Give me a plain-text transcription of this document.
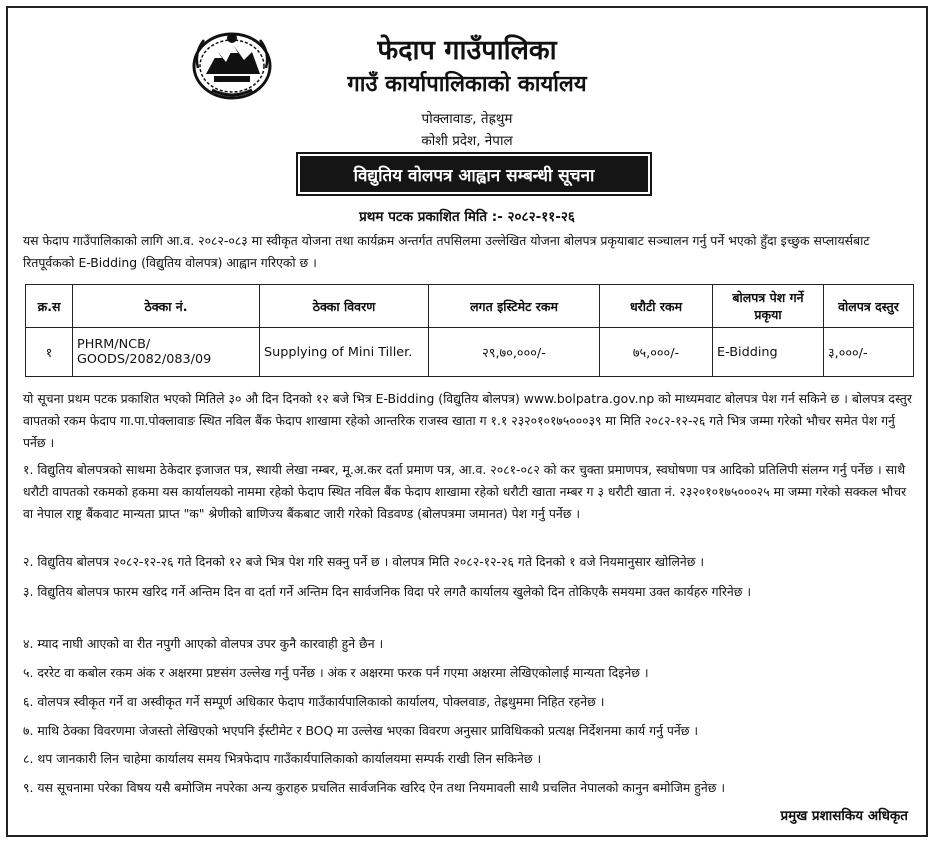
फेदाप गाउँपालिका
गाउँ कार्यापालिकाको कार्यालय
पोक्लावाङ, तेह्रथुम
कोशी प्रदेश, नेपाल
विद्युतिय वोलपत्र आह्वान सम्बन्धी सूचना
प्रथम पटक प्रकाशित मिति :- २०८२-११-२६

यस फेदाप गाउँपालिकाको लागि आ.व. २०८२-०८३ मा स्वीकृत योजना तथा कार्यक्रम अन्तर्गत तपसिलमा उल्लेखित योजना बोलपत्र प्रकृयाबाट सञ्चालन गर्नु पर्ने भएको हुँदा इच्छुक सप्लायर्सबाट रितपूर्वकको E-Bidding (विद्युतिय वोलपत्र) आह्वान गरिएको छ ।

क्र.स	ठेक्का नं.	ठेक्का विवरण	लगत इस्टिमेट रकम	धरौटी रकम	बोलपत्र पेश गर्ने प्रकृया	वोलपत्र दस्तुर
१	PHRM/NCB/ GOODS/2082/083/09	Supplying of Mini Tiller.	२९,७०,०००/-	७५,०००/-	E-Bidding	३,०००/-

यो सूचना प्रथम पटक प्रकाशित भएको मितिले ३० औ दिन दिनको १२ बजे भित्र E-Bidding (विद्युतिय बोलपत्र) www.bolpatra.gov.np को माध्यमवाट बोलपत्र पेश गर्न सकिने छ । बोलपत्र दस्तुर वापतको रकम फेदाप गा.पा.पोक्लावाङ स्थित नविल बैंक फेदाप शाखामा रहेको आन्तरिक राजस्व खाता ग १.१ २३२०१०१७५०००३९ मा मिति २०८२-१२-२६ गते भित्र जम्मा गरेको भौचर समेत पेश गर्नु पर्नेछ ।

१. विद्युतिय बोलपत्रको साथमा ठेकेदार इजाजत पत्र, स्थायी लेखा नम्बर, मू.अ.कर दर्ता प्रमाण पत्र, आ.व. २०८१-०८२ को कर चुक्ता प्रमाणपत्र, स्वघोषणा पत्र आदिको प्रतिलिपी संलग्न गर्नु पर्नेछ । साथै धरौटी वापतको रकमको हकमा यस कार्यालयको नाममा रहेको फेदाप स्थित नविल बैंक फेदाप शाखामा रहेको धरौटी खाता नम्बर ग ३ धरौटी खाता नं. २३२०१०१७५०००२५ मा जम्मा गरेको सक्कल भौचर वा नेपाल राष्ट्र बैंकवाट मान्यता प्राप्त "क" श्रेणीको बाणिज्य बैंकबाट जारी गरेको विडवण्ड (बोलपत्रमा जमानत) पेश गर्नु पर्नेछ ।

२. विद्युतिय बोलपत्र २०८२-१२-२६ गते दिनको १२ बजे भित्र पेश गरि सक्नु पर्ने छ । वोलपत्र मिति २०८२-१२-२६ गते दिनको १ वजे नियमानुसार खोलिनेछ ।

३. विद्युतिय बोलपत्र फारम खरिद गर्ने अन्तिम दिन वा दर्ता गर्ने अन्तिम दिन सार्वजनिक विदा परे लगतै कार्यालय खुलेको दिन तोकिएकै समयमा उक्त कार्यहरु गरिनेछ ।

४. म्याद नाघी आएको वा रीत नपुगी आएको वोलपत्र उपर कुनै कारवाही हुने छैन ।

५. दररेट वा कबोल रकम अंक र अक्षरमा प्रष्टसंग उल्लेख गर्नु पर्नेछ । अंक र अक्षरमा फरक पर्न गएमा अक्षरमा लेखिएकोलाई मान्यता दिइनेछ ।

६. वोलपत्र स्वीकृत गर्ने वा अस्वीकृत गर्ने सम्पूर्ण अधिकार फेदाप गाउँकार्यपालिकाको कार्यालय, पोक्लवाङ, तेह्रथुममा निहित रहनेछ ।

७. माथि ठेक्का विवरणमा जेजस्तो लेखिएको भएपनि ईस्टीमेट र BOQ मा उल्लेख भएका विवरण अनुसार प्राविधिकको प्रत्यक्ष निर्देशनमा कार्य गर्नु पर्नेछ ।

८. थप जानकारी लिन चाहेमा कार्यालय समय भित्रफेदाप गाउँकार्यपालिकाको कार्यालयमा सम्पर्क राखी लिन सकिनेछ ।

९. यस सूचनामा परेका विषय यसै बमोजिम नपरेका अन्य कुराहरु प्रचलित सार्वजनिक खरिद ऐन तथा नियमावली साथै प्रचलित नेपालको कानुन बमोजिम हुनेछ ।

प्रमुख प्रशासकिय अधिकृत
